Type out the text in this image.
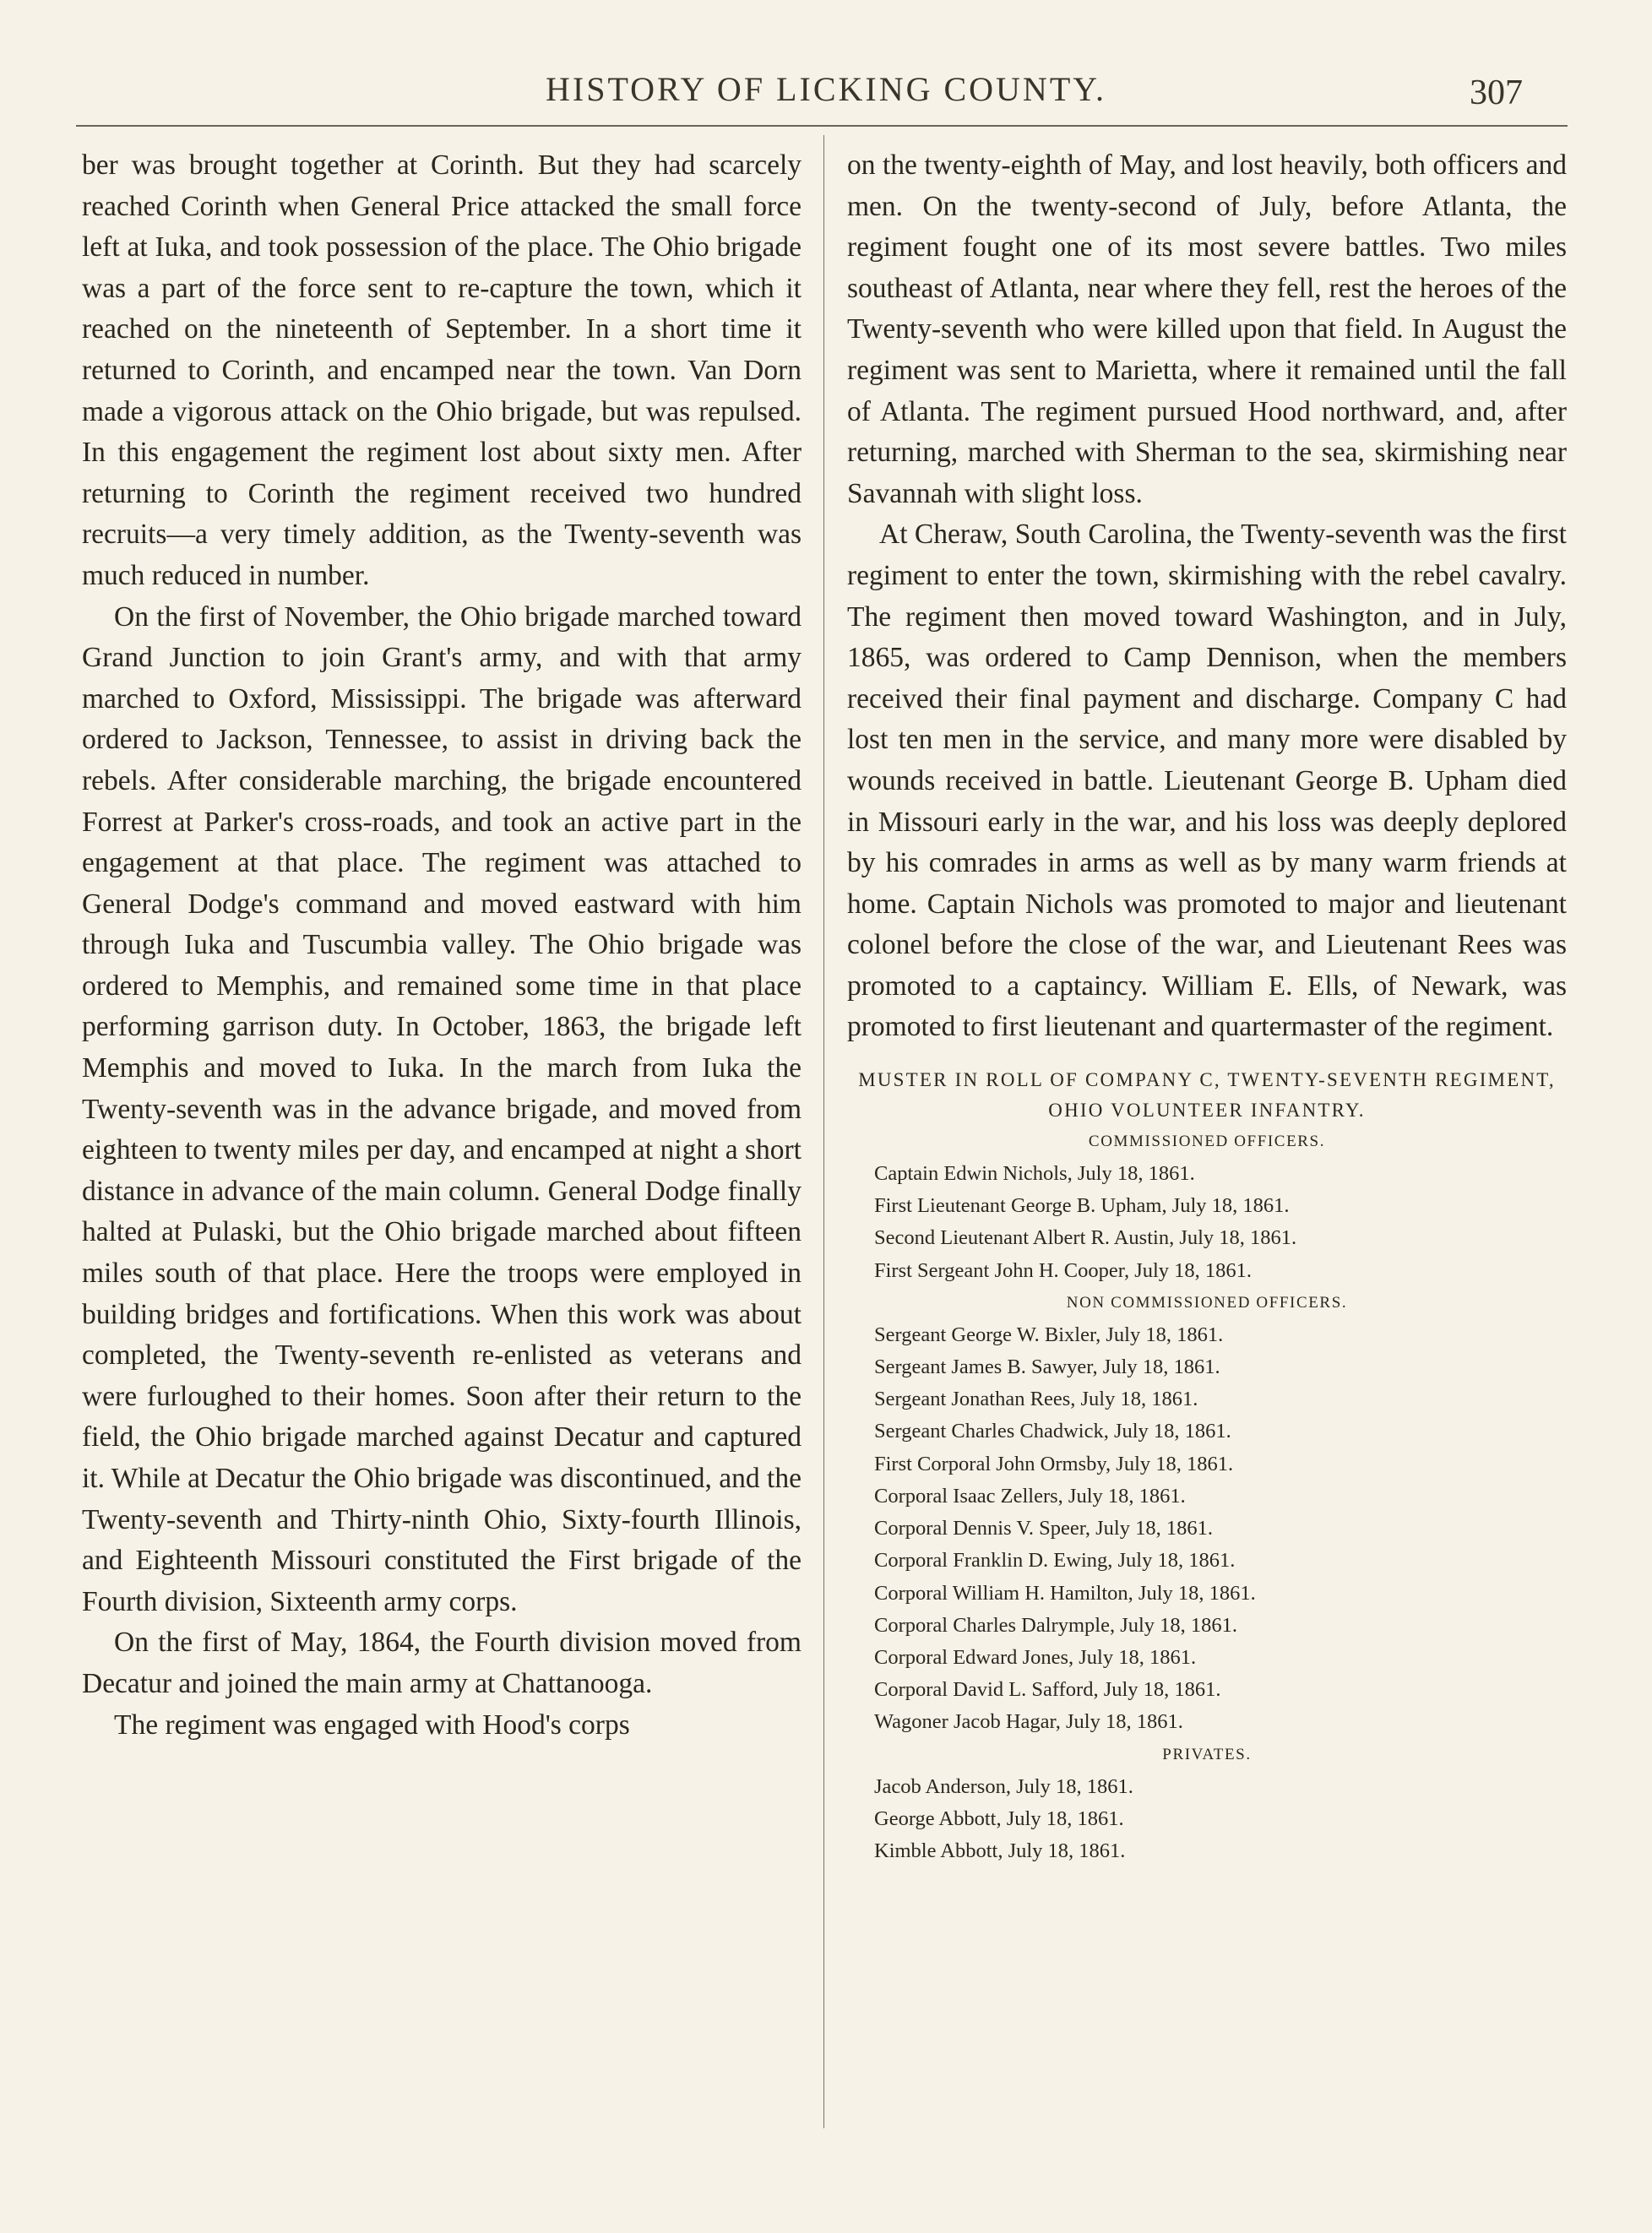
HISTORY OF LICKING COUNTY.	307

ber was brought together at Corinth. But they had scarcely reached Corinth when General Price attacked the small force left at Iuka, and took possession of the place. The Ohio brigade was a part of the force sent to re-capture the town, which it reached on the nineteenth of September. In a short time it returned to Corinth, and encamped near the town. Van Dorn made a vigorous attack on the Ohio brigade, but was repulsed. In this engagement the regiment lost about sixty men. After returning to Corinth the regiment received two hundred recruits—a very timely addition, as the Twenty-seventh was much reduced in number.

On the first of November, the Ohio brigade marched toward Grand Junction to join Grant's army, and with that army marched to Oxford, Mississippi. The brigade was afterward ordered to Jackson, Tennessee, to assist in driving back the rebels. After considerable marching, the brigade encountered Forrest at Parker's cross-roads, and took an active part in the engagement at that place. The regiment was attached to General Dodge's command and moved eastward with him through Iuka and Tuscumbia valley. The Ohio brigade was ordered to Memphis, and remained some time in that place performing garrison duty. In October, 1863, the brigade left Memphis and moved to Iuka. In the march from Iuka the Twenty-seventh was in the advance brigade, and moved from eighteen to twenty miles per day, and encamped at night a short distance in advance of the main column. General Dodge finally halted at Pulaski, but the Ohio brigade marched about fifteen miles south of that place. Here the troops were employed in building bridges and fortifications. When this work was about completed, the Twenty-seventh re-enlisted as veterans and were furloughed to their homes. Soon after their return to the field, the Ohio brigade marched against Decatur and captured it. While at Decatur the Ohio brigade was discontinued, and the Twenty-seventh and Thirty-ninth Ohio, Sixty-fourth Illinois, and Eighteenth Missouri constituted the First brigade of the Fourth division, Sixteenth army corps.

On the first of May, 1864, the Fourth division moved from Decatur and joined the main army at Chattanooga.

The regiment was engaged with Hood's corps

on the twenty-eighth of May, and lost heavily, both officers and men. On the twenty-second of July, before Atlanta, the regiment fought one of its most severe battles. Two miles southeast of Atlanta, near where they fell, rest the heroes of the Twenty-seventh who were killed upon that field. In August the regiment was sent to Marietta, where it remained until the fall of Atlanta. The regiment pursued Hood northward, and, after returning, marched with Sherman to the sea, skirmishing near Savannah with slight loss.

At Cheraw, South Carolina, the Twenty-seventh was the first regiment to enter the town, skirmishing with the rebel cavalry. The regiment then moved toward Washington, and in July, 1865, was ordered to Camp Dennison, when the members received their final payment and discharge. Company C had lost ten men in the service, and many more were disabled by wounds received in battle. Lieutenant George B. Upham died in Missouri early in the war, and his loss was deeply deplored by his comrades in arms as well as by many warm friends at home. Captain Nichols was promoted to major and lieutenant colonel before the close of the war, and Lieutenant Rees was promoted to a captaincy. William E. Ells, of Newark, was promoted to first lieutenant and quartermaster of the regiment.

MUSTER IN ROLL OF COMPANY C, TWENTY-SEVENTH REGIMENT, OHIO VOLUNTEER INFANTRY.
COMMISSIONED OFFICERS.
Captain Edwin Nichols, July 18, 1861.
First Lieutenant George B. Upham, July 18, 1861.
Second Lieutenant Albert R. Austin, July 18, 1861.
First Sergeant John H. Cooper, July 18, 1861.
NON COMMISSIONED OFFICERS.
Sergeant George W. Bixler, July 18, 1861.
Sergeant James B. Sawyer, July 18, 1861.
Sergeant Jonathan Rees, July 18, 1861.
Sergeant Charles Chadwick, July 18, 1861.
First Corporal John Ormsby, July 18, 1861.
Corporal Isaac Zellers, July 18, 1861.
Corporal Dennis V. Speer, July 18, 1861.
Corporal Franklin D. Ewing, July 18, 1861.
Corporal William H. Hamilton, July 18, 1861.
Corporal Charles Dalrymple, July 18, 1861.
Corporal Edward Jones, July 18, 1861.
Corporal David L. Safford, July 18, 1861.
Wagoner Jacob Hagar, July 18, 1861.
PRIVATES.
Jacob Anderson, July 18, 1861.
George Abbott, July 18, 1861.
Kimble Abbott, July 18, 1861.
